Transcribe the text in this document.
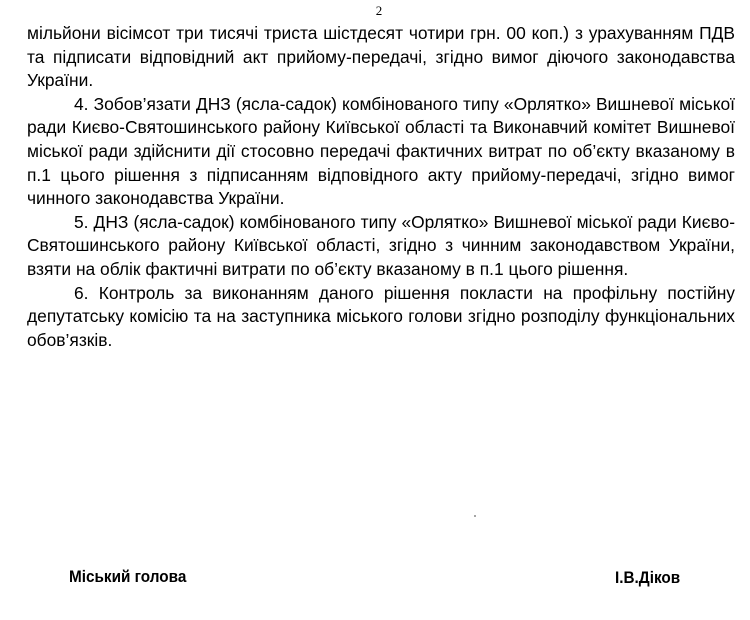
2

мільйони вісімсот три тисячі триста шістдесят чотири грн. 00 коп.) з урахуванням ПДВ та підписати відповідний акт прийому-передачі, згідно вимог діючого законодавства України.

4. Зобов’язати ДНЗ (ясла-садок) комбінованого типу «Орлятко» Вишневої міської ради Києво-Святошинського району Київської області та Виконавчий комітет Вишневої міської ради здійснити дії стосовно передачі фактичних витрат по об’єкту вказаному в п.1 цього рішення з підписанням відповідного акту прийому-передачі, згідно вимог чинного законодавства України.

5. ДНЗ (ясла-садок) комбінованого типу «Орлятко» Вишневої міської ради Києво-Святошинського району Київської області, згідно з чинним законодавством України, взяти на облік фактичні витрати по об’єкту вказаному в п.1 цього рішення.

6. Контроль за виконанням даного рішення покласти на профільну постійну депутатську комісію та на заступника міського голови згідно розподілу функціональних обов’язків.

Міський голова	І.В.Діков
